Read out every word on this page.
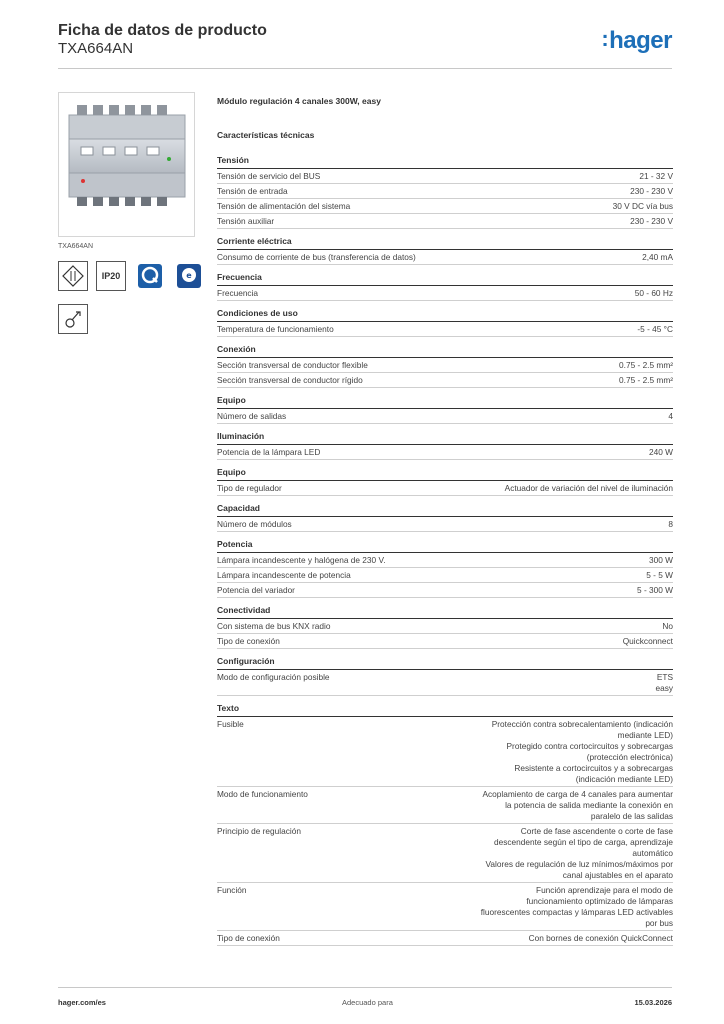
Ficha de datos de producto
TXA664AN	:hager
TXA664AN
IP20	e
Módulo regulación 4 canales 300W, easy
Características técnicas
Tensión
Tensión de servicio del BUS	21 - 32 V
Tensión de entrada	230 - 230 V
Tensión de alimentación del sistema	30 V DC vía bus
Tensión auxiliar	230 - 230 V
Corriente eléctrica
Consumo de corriente de bus (transferencia de datos)	2,40 mA
Frecuencia
Frecuencia	50 - 60 Hz
Condiciones de uso
Temperatura de funcionamiento	-5 - 45 °C
Conexión
Sección transversal de conductor flexible	0.75 - 2.5 mm²
Sección transversal de conductor rígido	0.75 - 2.5 mm²
Equipo
Número de salidas	4
Iluminación
Potencia de la lámpara LED	240 W
Equipo
Tipo de regulador	Actuador de variación del nivel de iluminación
Capacidad
Número de módulos	8
Potencia
Lámpara incandescente y halógena de 230 V.	300 W
Lámpara incandescente de potencia	5 - 5 W
Potencia del variador	5 - 300 W
Conectividad
Con sistema de bus KNX radio	No
Tipo de conexión	Quickconnect
Configuración
Modo de configuración posible	ETS
easy
Texto
Fusible	Protección contra sobrecalentamiento (indicación
mediante LED)
Protegido contra cortocircuitos y sobrecargas
(protección electrónica)
Resistente a cortocircuitos y a sobrecargas
(indicación mediante LED)
Modo de funcionamiento	Acoplamiento de carga de 4 canales para aumentar
la potencia de salida mediante la conexión en
paralelo de las salidas
Principio de regulación	Corte de fase ascendente o corte de fase
descendente según el tipo de carga, aprendizaje
automático
Valores de regulación de luz mínimos/máximos por
canal ajustables en el aparato
Función	Función aprendizaje para el modo de
funcionamiento optimizado de lámparas
fluorescentes compactas y lámparas LED activables
por bus
Tipo de conexión	Con bornes de conexión QuickConnect
hager.com/es	Adecuado para	15.03.2026
